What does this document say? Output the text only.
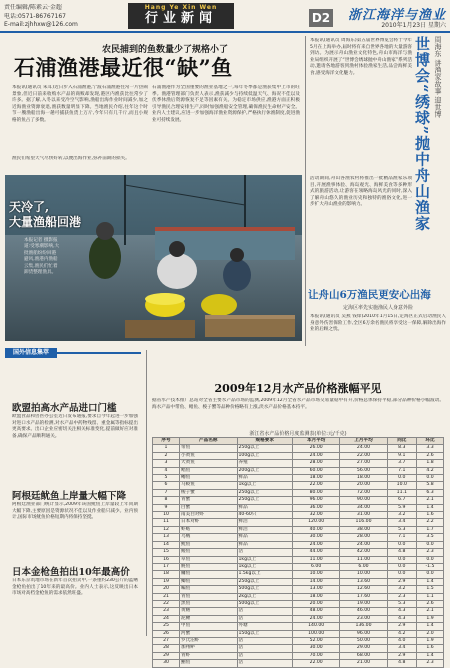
责任编辑/陈素云·金超
电话:0571-86767167
E-mail:zjhhxw@126.com
Hang Ye Xin Wen
行业新闻	D2	浙江海洋与渔业
2010年1月23日 星期六
农民捕到的鱼数量少了规格小了
石浦渔港最近很“缺”鱼
本报讯(通讯员 朱耳)近日步入石浦渔港,宁波石浦渔港往常一片热闹景象,但近日前来收购水产品的商贩却发现,港区内渔获比往常少了许多。据了解,入冬以来受冷空气影响,渔船出海作业时间减少,加之近海渔业资源衰退,渔获数量明显下降。当地渔民介绍,往年这个时节一艘渔船出海一趟可捕获鱼货上万斤,今年只有几千斤,而且小规格的鱼占了多数。
石浦渔港作为全国重要的渔业基地之一,每年冬季都是渔获集中上市的旺季。渔港管理部门负责人表示,渔获减少与持续低温天气、海况不佳以及伏季休渔后资源恢复不足等因素有关。为稳定市场供应,渔港方面正积极引导渔民合理安排生产,同时加强渔船安全管理,确保渔民生命财产安全。业内人士建议,应进一步加强海洋渔业资源保护,严格执行休渔制度,促进渔业可持续发展。
渔民们希望天气尽快好转,以便出海作业,弥补前期的损失。
天冷了,
大量渔船回港
本报记者 摄影报道:受寒潮影响,大批渔船纷纷回港避风,渔港内渔船云集,渔民们忙着卸货整理渔具。
本报讯(通讯员 周海东)第五届世界博览会将于今年5月在上海举办,届时将有来自世界各地的大量游客到访。为展示舟山渔业文化特色,舟山市海洋与渔业局组织开展了“世博会绣球抛中舟山渔家”系列活动,邀请各地游客到渔村体验渔家生活,品尝海鲜美食,感受海洋文化魅力。	周海东 讲渔家故事 迎世博
世博会“绣球”抛中舟山渔家
活动期间,舟山各渔农村将推出一批精品渔家乐项目,开展渔事体验、海岛观光、海鲜美食等多种形式的旅游活动,让游客在领略海岛风光的同时,深入了解舟山悠久的渔业历史和独特的渔俗文化,进一步扩大舟山渔业的影响力。
让舟山6万渔民更安心出海
定海区率先实施渔民人身意外险
本报讯(通讯员 吴燕 钱烽)2010年1月15日,定海区正式启动渔民人身意外伤害保险工作,全区6万余名渔民将享受这一保障,解除出海作业的后顾之忧。
国外信息集萃
欧盟拍高水产品进口门槛
欧盟食品和兽医办公室近日发布通报,要求自今年起进一步加强对进口水产品的检测,对水产品中药物残留、重金属等指标提出更高要求。出口企业应密切关注相关标准变化,提前做好应对准备,确保产品顺利通关。
阿根廷鱿鱼上岸量大幅下降
阿根廷渔业部门统计显示,2009年该国鱿鱼上岸量较上年同期大幅下降,主要原因是资源状况不佳以及作业船只减少。业内预计,国际市场鱿鱼价格短期内将保持坚挺。
日本金枪鱼拍出10年最高价
日本东京筑地市场在新年首次拍卖中,一条重约230公斤的蓝鳍金枪鱼拍出了10年来的最高价。业内人士表示,这反映出日本市场对高档金枪鱼的需求依然旺盛。
2009年12月水产品价格涨幅平见
据省水产技术推广总站对全省主要水产品市场的监测,2009年12月全省水产品市场交易量稳中有升,价格总体保持平稳,部分品种价格小幅波动。海水产品中带鱼、鲳鱼、梭子蟹等品种价格略有上涨,淡水产品价格基本持平。
浙江省水产品价格月度监测表(单位:元/千克)
序号	产品名称	规格要求	本月平均	上月平均	同比	环比
1	带鱼	250g以上	26.00	24.00	8.3	3.3
2	小黄鱼	100g以上	24.00	22.00	9.1	2.6
3	大黄鱼	养殖	28.00	27.00	3.7	1.8
4	鲳鱼	200g以上	60.00	56.00	7.1	4.2
5	鳓鱼	鲜品	18.00	18.00	0.0	0.0
6	马鲛鱼	1kg以上	22.00	20.00	10.0	5.8
7	梭子蟹	250g以上	80.00	72.00	11.1	6.3
8	青蟹	250g以上	96.00	90.00	6.7	2.1
9	白蟹	鲜品	36.00	34.00	5.9	1.4
10	南美白对虾	40-60只	32.00	31.00	3.2	1.6
11	日本对虾	鲜活	120.00	116.00	3.4	2.2
12	虾蛄	鲜活	40.00	38.00	5.3	1.7
13	乌贼	鲜品	30.00	28.00	7.1	3.5
14	鱿鱼	鲜品	24.00	24.00	0.0	0.0
15	鳗鱼	活	44.00	42.00	4.8	2.3
16	草鱼	1kg以上	11.00	11.00	0.0	0.0
17	鲢鱼	1kg以上	6.00	6.00	0.0	-1.5
18	鳙鱼	1.5kg以上	10.00	10.00	0.0	0.0
19	鲫鱼	250g以上	14.00	13.60	2.9	1.4
20	鳊鱼	500g以上	13.00	12.60	3.2	1.5
21	青鱼	2kg以上	18.00	17.60	2.3	1.1
22	黑鱼	500g以上	20.00	19.00	5.3	2.6
23	黄鳝	活	48.00	46.00	4.3	2.1
24	泥鳅	活	24.00	23.00	4.3	1.9
25	甲鱼	外塘	140.00	136.00	2.9	1.4
26	河蟹	150g以上	100.00	96.00	4.2	2.0
27	罗氏沼虾	活	52.00	50.00	4.0	1.9
28	加州鲈	活	30.00	29.00	3.4	1.6
29	青虾	活	70.00	68.00	2.9	1.4
30	鮰鱼	活	22.00	21.00	4.8	2.3
